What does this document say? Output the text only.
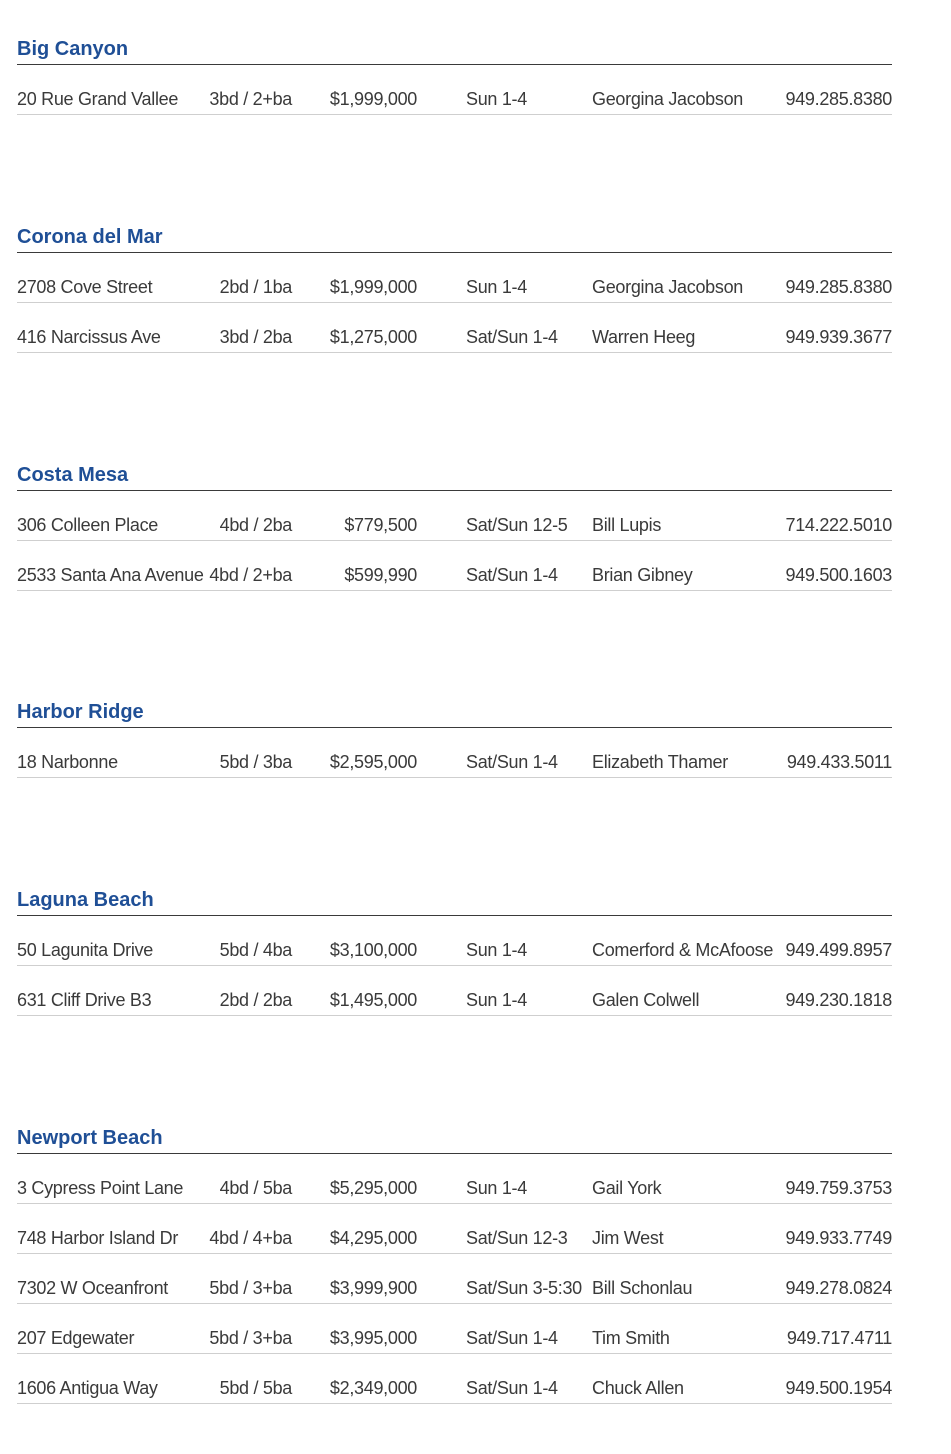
Big Canyon
20 Rue Grand Vallee 3bd / 2+ba $1,999,000	Sun 1-4	Georgina Jacobson 949.285.8380
Corona del Mar
2708 Cove Street	2bd / 1ba $1,999,000	Sun 1-4	Georgina Jacobson 949.285.8380
416 Narcissus Ave	3bd / 2ba $1,275,000	Sat/Sun 1-4 Warren Heeg	949.939.3677
Costa Mesa
306 Colleen Place	4bd / 2ba	$779,500	Sat/Sun 12-5 Bill Lupis	714.222.5010
2533 Santa Ana Avenue 4bd / 2+ba	$599,990	Sat/Sun 1-4 Brian Gibney	949.500.1603
Harbor Ridge
18 Narbonne	5bd / 3ba $2,595,000	Sat/Sun 1-4 Elizabeth Thamer	949.433.5011
Laguna Beach
50 Lagunita Drive	5bd / 4ba $3,100,000	Sun 1-4	Comerford & McAfoose 949.499.8957
631 Cliff Drive B3	2bd / 2ba $1,495,000	Sun 1-4	Galen Colwell	949.230.1818
Newport Beach
3 Cypress Point Lane 4bd / 5ba $5,295,000	Sun 1-4	Gail York	949.759.3753
748 Harbor Island Dr 4bd / 4+ba $4,295,000	Sat/Sun 12-3 Jim West	949.933.7749
7302 W Oceanfront 5bd / 3+ba $3,999,900	Sat/Sun 3-5:30 Bill Schonlau	949.278.0824
207 Edgewater	5bd / 3+ba $3,995,000	Sat/Sun 1-4 Tim Smith	949.717.4711
1606 Antigua Way	5bd / 5ba $2,349,000	Sat/Sun 1-4 Chuck Allen	949.500.1954
